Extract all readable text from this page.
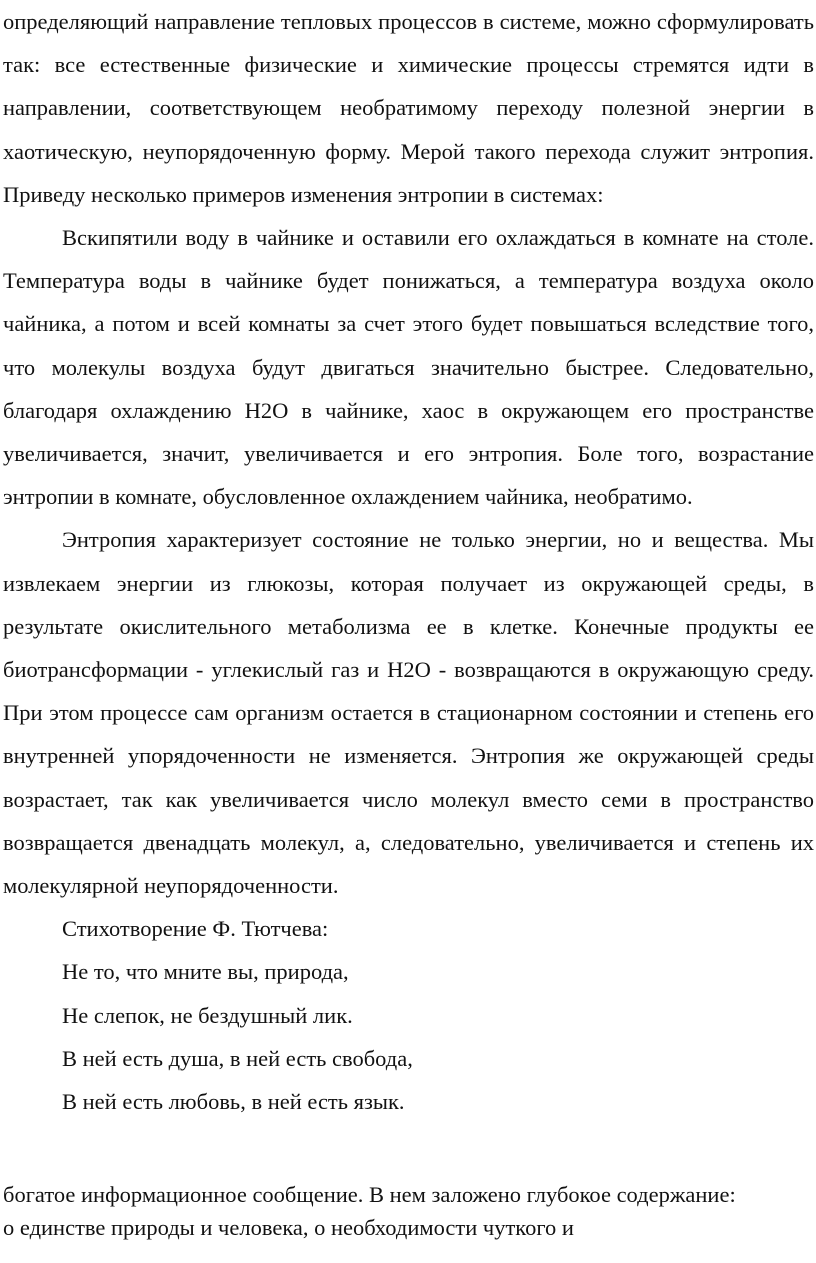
определяющий направление тепловых процессов в системе, можно сформулировать так: все естественные физические и химические процессы стремятся идти в направлении, соответствующем необратимому переходу полезной энергии в хаотическую, неупорядоченную форму. Мерой такого перехода служит энтропия. Приведу несколько примеров изменения энтропии в системах:

Вскипятили воду в чайнике и оставили его охлаждаться в комнате на столе. Температура воды в чайнике будет понижаться, а температура воздуха около чайника, а потом и всей комнаты за счет этого будет повышаться вследствие того, что молекулы воздуха будут двигаться значительно быстрее. Следовательно, благодаря охлаждению Н2О в чайнике, хаос в окружающем его пространстве увеличивается, значит, увеличивается и его энтропия. Боле того, возрастание энтропии в комнате, обусловленное охлаждением чайника, необратимо.

Энтропия характеризует состояние не только энергии, но и вещества. Мы извлекаем энергии из глюкозы, которая получает из окружающей среды, в результате окислительного метаболизма ее в клетке. Конечные продукты ее биотрансформации - углекислый газ и Н2О - возвращаются в окружающую среду. При этом процессе сам организм остается в стационарном состоянии и степень его внутренней упорядоченности не изменяется. Энтропия же окружающей среды возрастает, так как увеличивается число молекул вместо семи в пространство возвращается двенадцать молекул, а, следовательно, увеличивается и степень их молекулярной неупорядоченности.

Стихотворение Ф. Тютчева:

Не то, что мните вы, природа,

Не слепок, не бездушный лик.

В ней есть душа, в ней есть свобода,

В ней есть любовь, в ней есть язык.

богатое информационное сообщение. В нем заложено глубокое содержание:

о единстве природы и человека, о необходимости чуткого и
